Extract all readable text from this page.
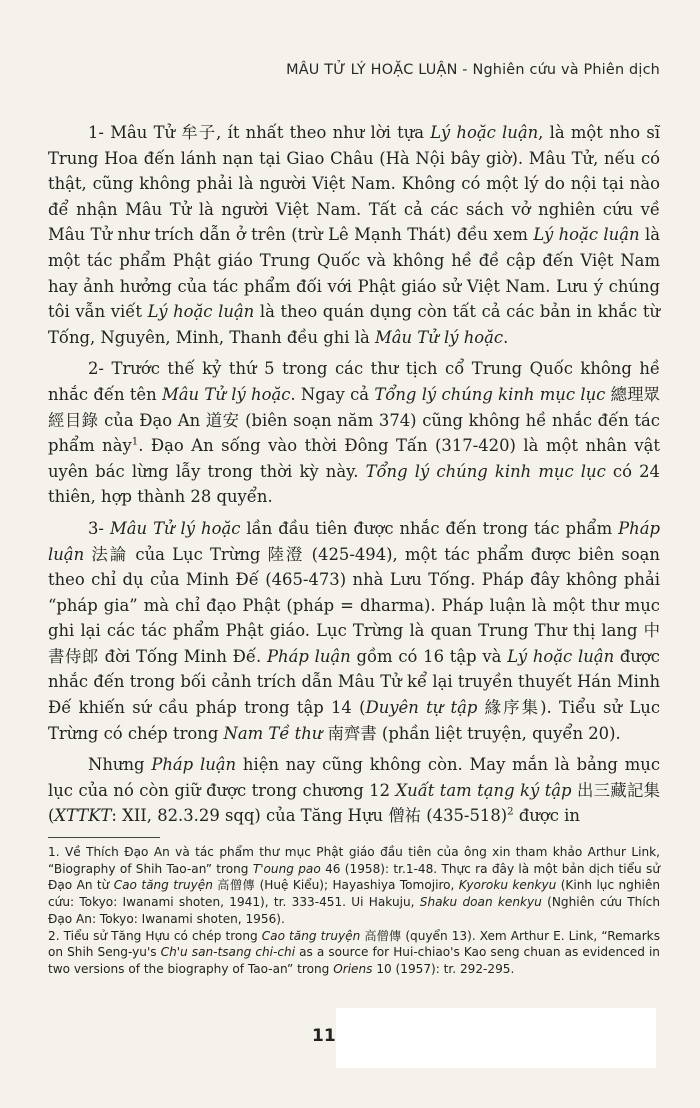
MÂU TỬ LÝ HOẶC LUẬN - Nghiên cứu và Phiên dịch

1- Mâu Tử 牟子, ít nhất theo như lời tựa Lý hoặc luận, là một nho sĩ Trung Hoa đến lánh nạn tại Giao Châu (Hà Nội bây giờ). Mâu Tử, nếu có thật, cũng không phải là người Việt Nam. Không có một lý do nội tại nào để nhận Mâu Tử là người Việt Nam. Tất cả các sách vở nghiên cứu về Mâu Tử như trích dẫn ở trên (trừ Lê Mạnh Thát) đều xem Lý hoặc luận là một tác phẩm Phật giáo Trung Quốc và không hề đề cập đến Việt Nam hay ảnh hưởng của tác phẩm đối với Phật giáo sử Việt Nam. Lưu ý chúng tôi vẫn viết Lý hoặc luận là theo quán dụng còn tất cả các bản in khắc từ Tống, Nguyên, Minh, Thanh đều ghi là Mâu Tử lý hoặc.

2- Trước thế kỷ thứ 5 trong các thư tịch cổ Trung Quốc không hề nhắc đến tên Mâu Tử lý hoặc. Ngay cả Tổng lý chúng kinh mục lục 總理眾經目錄 của Đạo An 道安 (biên soạn năm 374) cũng không hề nhắc đến tác phẩm này$^1$. Đạo An sống vào thời Đông Tấn (317-420) là một nhân vật uyên bác lừng lẫy trong thời kỳ này. Tổng lý chúng kinh mục lục có 24 thiên, hợp thành 28 quyển.

3- Mâu Tử lý hoặc lần đầu tiên được nhắc đến trong tác phẩm Pháp luận 法論 của Lục Trừng 陸澄 (425-494), một tác phẩm được biên soạn theo chỉ dụ của Minh Đế (465-473) nhà Lưu Tống. Pháp đây không phải “pháp gia” mà chỉ đạo Phật (pháp = dharma). Pháp luận là một thư mục ghi lại các tác phẩm Phật giáo. Lục Trừng là quan Trung Thư thị lang 中書侍郎 đời Tống Minh Đế. Pháp luận gồm có 16 tập và Lý hoặc luận được nhắc đến trong bối cảnh trích dẫn Mâu Tử kể lại truyền thuyết Hán Minh Đế khiến sứ cầu pháp trong tập 14 (Duyên tự tập 緣序集). Tiểu sử Lục Trừng có chép trong Nam Tề thư 南齊書 (phần liệt truyện, quyển 20).

Nhưng Pháp luận hiện nay cũng không còn. May mắn là bảng mục lục của nó còn giữ được trong chương 12 Xuất tam tạng ký tập 出三藏記集 (XTTKT: XII, 82.3.29 sqq) của Tăng Hựu 僧祐 $(435-518)^2$ được in

1. Về Thích Đạo An và tác phẩm thư mục Phật giáo đầu tiên của ông xin tham khảo Arthur Link, “Biography of Shih Tao-an” trong T'oung pao 46 (1958): tr.1-48. Thực ra đây là một bản dịch tiểu sử Đạo An từ Cao tăng truyện 高僧傳 (Huệ Kiểu); Hayashiya Tomojiro, Kyoroku kenkyu (Kinh lục nghiên cứu: Tokyo: Iwanami shoten, 1941), tr. 333-451. Ui Hakuju, Shaku doan kenkyu (Nghiên cứu Thích Đạo An: Tokyo: Iwanami shoten, 1956).

2. Tiểu sử Tăng Hựu có chép trong Cao tăng truyện 高僧傳 (quyển 13). Xem Arthur E. Link, “Remarks on Shih Seng-yu's Ch'u san-tsang chi-chi as a source for Hui-chiao's Kao seng chuan as evidenced in two versions of the biography of Tao-an” trong Oriens 10 (1957): tr. 292-295.

11
